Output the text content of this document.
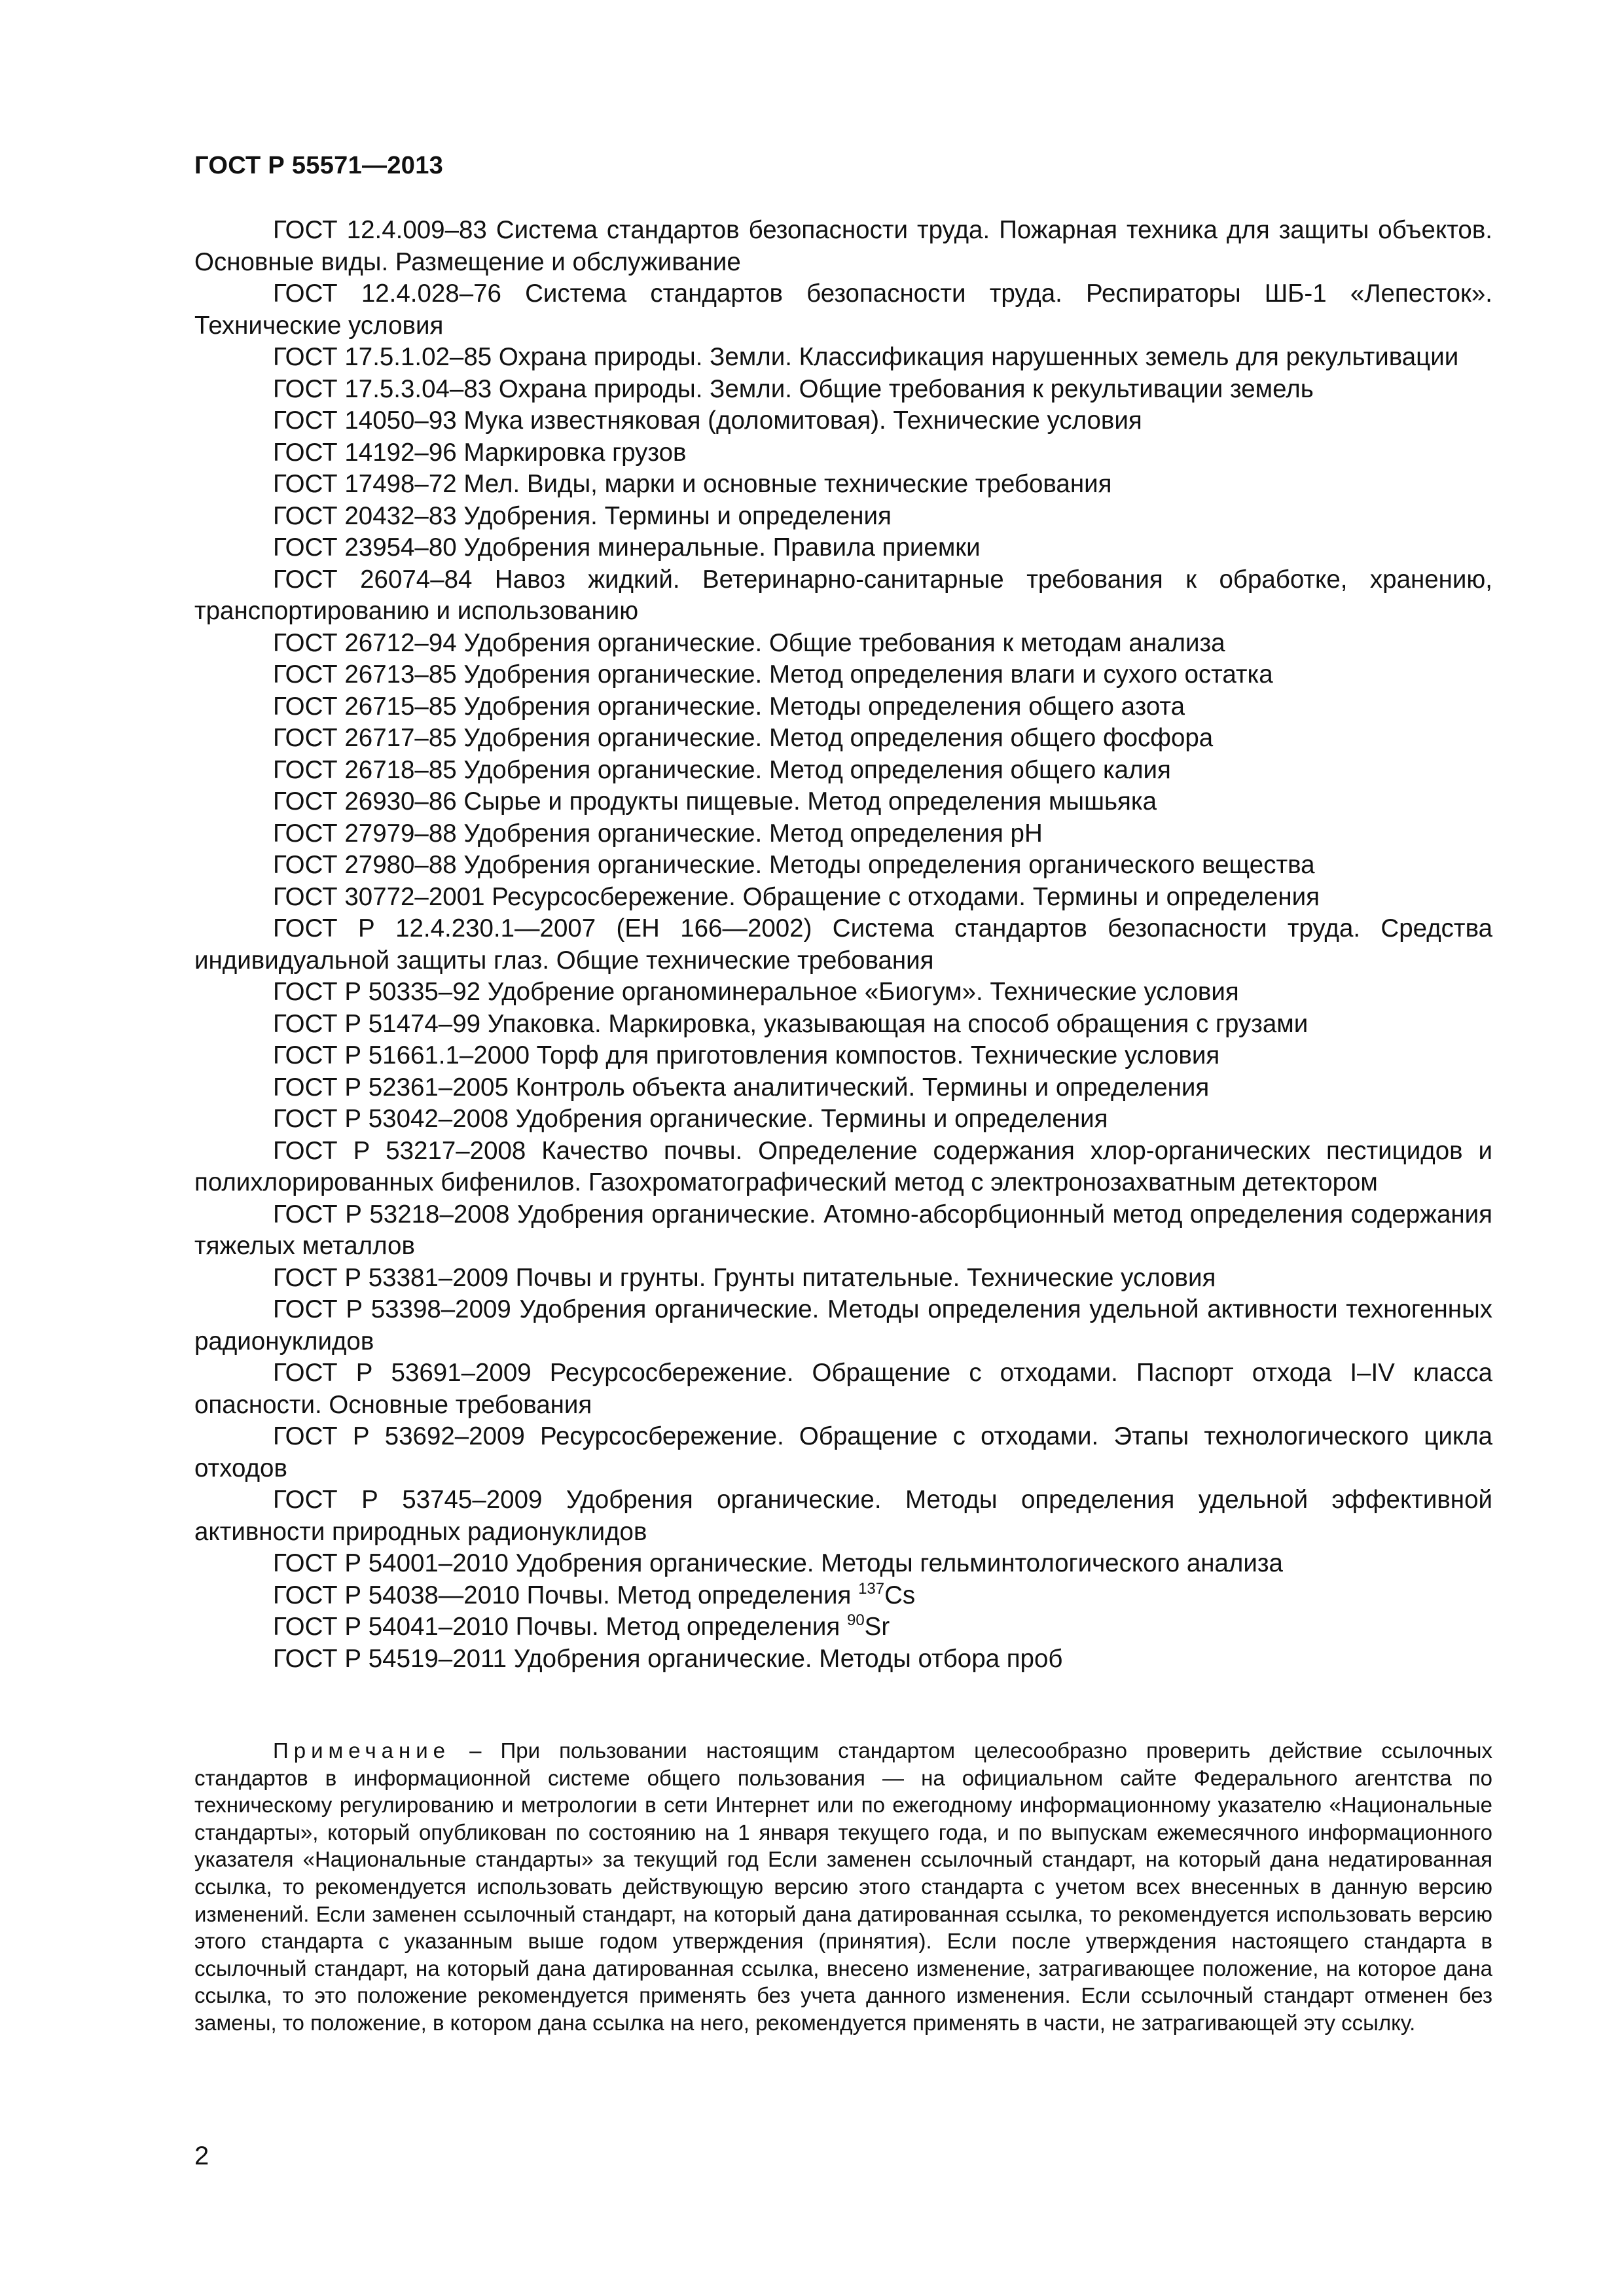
ГОСТ Р 55571—2013
ГОСТ 12.4.009–83 Система стандартов безопасности труда. Пожарная техника для защиты объектов. Основные виды. Размещение и обслуживание
ГОСТ 12.4.028–76 Система стандартов безопасности труда. Респираторы ШБ-1 «Лепесток». Технические условия
ГОСТ 17.5.1.02–85 Охрана природы. Земли. Классификация нарушенных земель для рекультивации
ГОСТ 17.5.3.04–83 Охрана природы. Земли. Общие требования к рекультивации земель
ГОСТ 14050–93 Мука известняковая (доломитовая). Технические условия
ГОСТ 14192–96 Маркировка грузов
ГОСТ 17498–72 Мел. Виды, марки и основные технические требования
ГОСТ 20432–83 Удобрения. Термины и определения
ГОСТ 23954–80 Удобрения минеральные. Правила приемки
ГОСТ 26074–84 Навоз жидкий. Ветеринарно-санитарные требования к обработке, хранению, транспортированию и использованию
ГОСТ 26712–94 Удобрения органические. Общие требования к методам анализа
ГОСТ 26713–85 Удобрения органические. Метод определения влаги и сухого остатка
ГОСТ 26715–85 Удобрения органические. Методы определения общего азота
ГОСТ 26717–85 Удобрения органические. Метод определения общего фосфора
ГОСТ 26718–85 Удобрения органические. Метод определения общего калия
ГОСТ 26930–86 Сырье и продукты пищевые. Метод определения мышьяка
ГОСТ 27979–88 Удобрения органические. Метод определения рН
ГОСТ 27980–88 Удобрения органические. Методы определения органического вещества
ГОСТ 30772–2001 Ресурсосбережение. Обращение с отходами. Термины и определения
ГОСТ Р 12.4.230.1—2007 (ЕН 166—2002) Система стандартов безопасности труда. Средства индивидуальной защиты глаз. Общие технические требования
ГОСТ Р 50335–92 Удобрение органоминеральное «Биогум». Технические условия
ГОСТ Р 51474–99 Упаковка. Маркировка, указывающая на способ обращения с грузами
ГОСТ Р 51661.1–2000 Торф для приготовления компостов. Технические условия
ГОСТ Р 52361–2005 Контроль объекта аналитический. Термины и определения
ГОСТ Р 53042–2008 Удобрения органические. Термины и определения
ГОСТ Р 53217–2008 Качество почвы. Определение содержания хлор-органических пестицидов и полихлорированных бифенилов. Газохроматографический метод с электронозахватным детектором
ГОСТ Р 53218–2008 Удобрения органические. Атомно-абсорбционный метод определения содержания тяжелых металлов
ГОСТ Р 53381–2009 Почвы и грунты. Грунты питательные. Технические условия
ГОСТ Р 53398–2009 Удобрения органические. Методы определения удельной активности техногенных радионуклидов
ГОСТ Р 53691–2009 Ресурсосбережение. Обращение с отходами. Паспорт отхода I–IV класса опасности. Основные требования
ГОСТ Р 53692–2009 Ресурсосбережение. Обращение с отходами. Этапы технологического цикла отходов
ГОСТ Р 53745–2009 Удобрения органические. Методы определения удельной эффективной активности природных радионуклидов
ГОСТ Р 54001–2010 Удобрения органические. Методы гельминтологического анализа
ГОСТ Р 54038—2010 Почвы. Метод определения $^{137}$Cs
ГОСТ Р 54041–2010 Почвы. Метод определения $^{90}$Sr
ГОСТ Р 54519–2011 Удобрения органические. Методы отбора проб

Примечание – При пользовании настоящим стандартом целесообразно проверить действие ссылочных стандартов в информационной системе общего пользования — на официальном сайте Федерального агентства по техническому регулированию и метрологии в сети Интернет или по ежегодному информационному указателю «Национальные стандарты», который опубликован по состоянию на 1 января текущего года, и по выпускам ежемесячного информационного указателя «Национальные стандарты» за текущий год Если заменен ссылочный стандарт, на который дана недатированная ссылка, то рекомендуется использовать действующую версию этого стандарта с учетом всех внесенных в данную версию изменений. Если заменен ссылочный стандарт, на который дана датированная ссылка, то рекомендуется использовать версию этого стандарта с указанным выше годом утверждения (принятия). Если после утверждения настоящего стандарта в ссылочный стандарт, на который дана датированная ссылка, внесено изменение, затрагивающее положение, на которое дана ссылка, то это положение рекомендуется применять без учета данного изменения. Если ссылочный стандарт отменен без замены, то положение, в котором дана ссылка на него, рекомендуется применять в части, не затрагивающей эту ссылку.

2
